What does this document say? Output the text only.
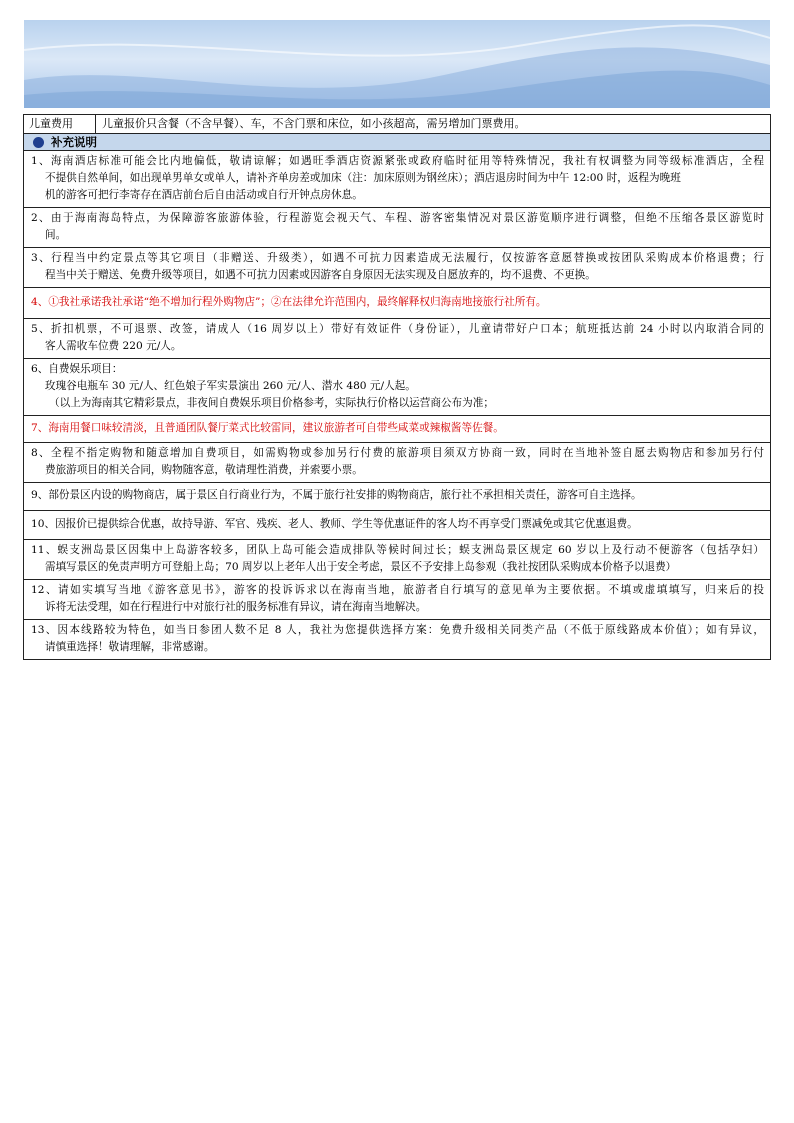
儿童费用	儿童报价只含餐（不含早餐）、车，不含门票和床位，如小孩超高，需另增加门票费用。
补充说明

1、海南酒店标准可能会比内地偏低，敬请谅解；如遇旺季酒店资源紧张或政府临时征用等特殊情况，我社有权调整为同等级标准酒店，全程

不提供自然单间，如出现单男单女或单人，请补齐单房差或加床（注：加床原则为钢丝床）；酒店退房时间为中午 12:00 时，返程为晚班

机的游客可把行李寄存在酒店前台后自由活动或自行开钟点房休息。

2、由于海南海岛特点，为保障游客旅游体验，行程游览会视天气、车程、游客密集情况对景区游览顺序进行调整，但绝不压缩各景区游览时

间。

3、行程当中约定景点等其它项目（非赠送、升级类），如遇不可抗力因素造成无法履行，仅按游客意愿替换或按团队采购成本价格退费；行

程当中关于赠送、免费升级等项目，如遇不可抗力因素或因游客自身原因无法实现及自愿放弃的，均不退费、不更换。

4、①我社承诺我社承诺“绝不增加行程外购物店”；②在法律允许范围内，最终解释权归海南地接旅行社所有。

5、折扣机票，不可退票、改签，请成人（16 周岁以上）带好有效证件（身份证），儿童请带好户口本；航班抵达前 24 小时以内取消合同的

客人需收车位费 220 元/人。

6、自费娱乐项目：

玫瑰谷电瓶车 30 元/人、红色娘子军实景演出 260 元/人、潜水 480 元/人起。

（以上为海南其它精彩景点，非夜间自费娱乐项目价格参考，实际执行价格以运营商公布为准；

7、海南用餐口味较清淡，且普通团队餐厅菜式比较雷同，建议旅游者可自带些咸菜或辣椒酱等佐餐。

8、全程不指定购物和随意增加自费项目，如需购物或参加另行付费的旅游项目须双方协商一致，同时在当地补签自愿去购物店和参加另行付

费旅游项目的相关合同，购物随客意，敬请理性消费，并索要小票。

9、部份景区内设的购物商店，属于景区自行商业行为，不属于旅行社安排的购物商店，旅行社不承担相关责任，游客可自主选择。

10、因报价已提供综合优惠，故持导游、军官、残疾、老人、教师、学生等优惠证件的客人均不再享受门票减免或其它优惠退费。

11、蜈支洲岛景区因集中上岛游客较多，团队上岛可能会造成排队等候时间过长；蜈支洲岛景区规定 60 岁以上及行动不便游客（包括孕妇）

需填写景区的免责声明方可登船上岛；70 周岁以上老年人出于安全考虑，景区不予安排上岛参观（我社按团队采购成本价格予以退费）

12、请如实填写当地《游客意见书》，游客的投诉诉求以在海南当地，旅游者自行填写的意见单为主要依据。不填或虚填填写，归来后的投

诉将无法受理，如在行程进行中对旅行社的服务标准有异议，请在海南当地解决。

13、因本线路较为特色，如当日参团人数不足 8 人，我社为您提供选择方案：免费升级相关同类产品（不低于原线路成本价值）；如有异议，

请慎重选择！敬请理解，非常感谢。
